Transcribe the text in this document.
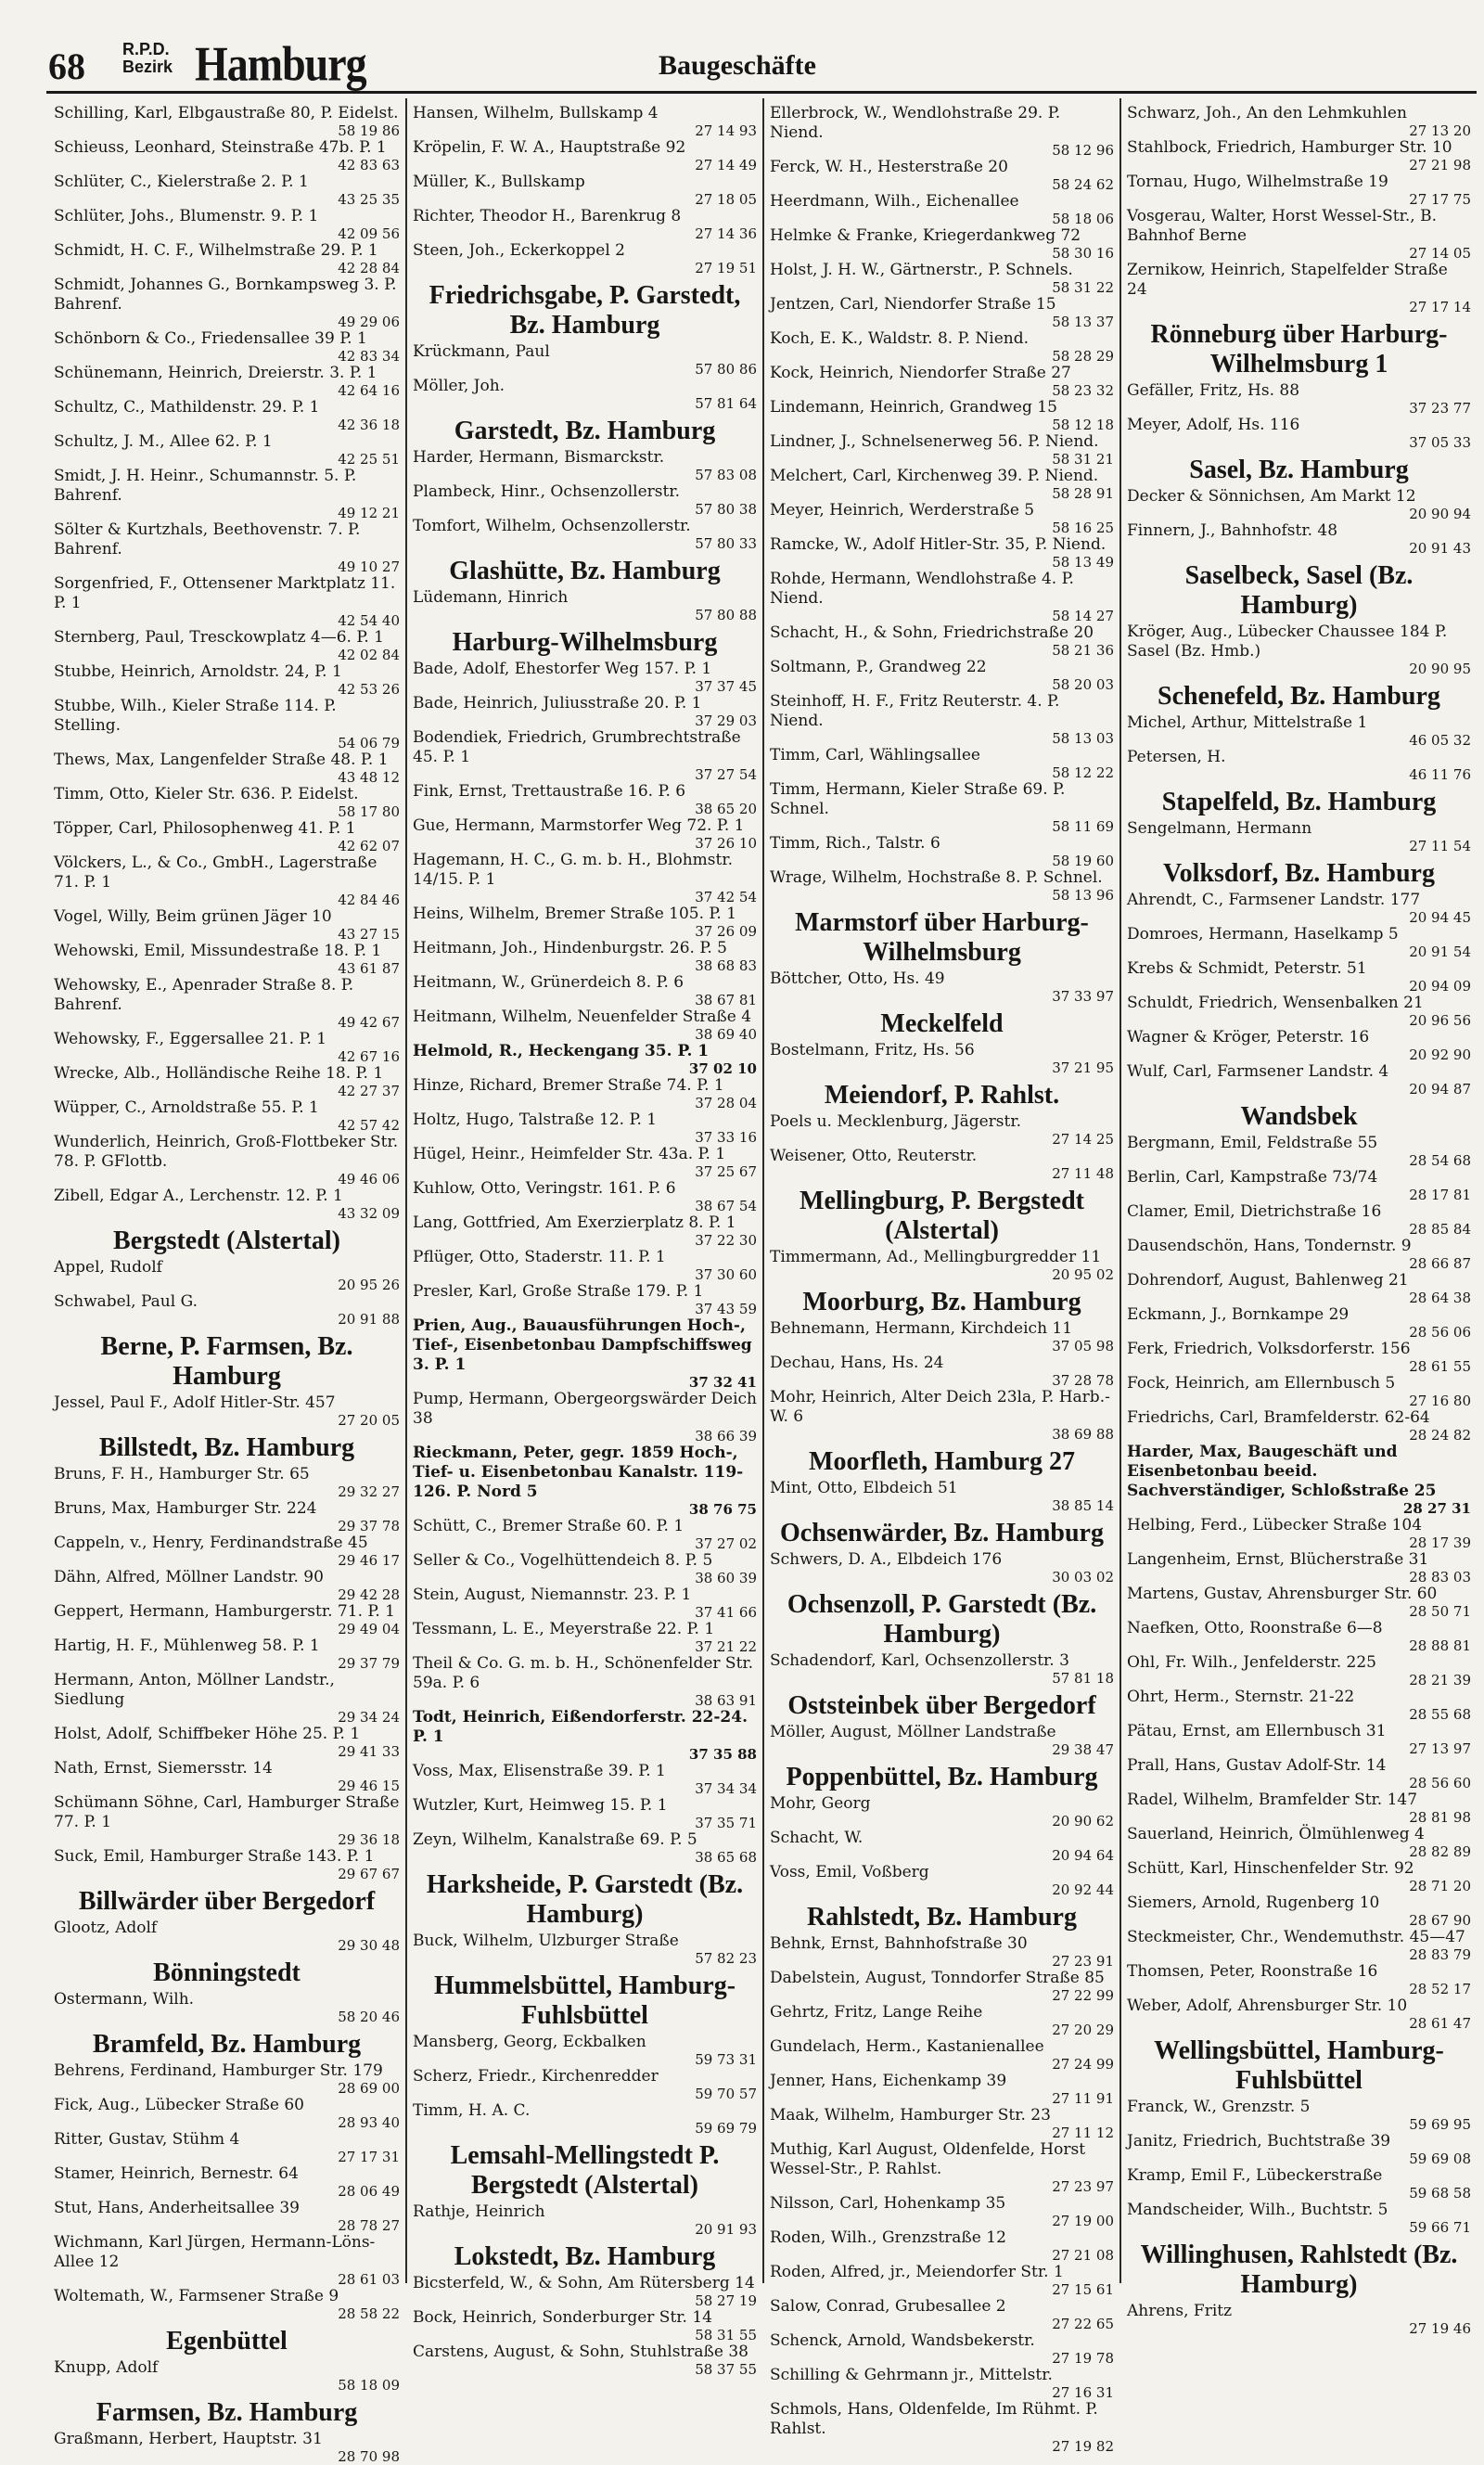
68 R.P.D.
Bezirk Hamburg	Baugeschäfte
Schilling, Karl, Elbgaustraße 80, P. Eidelst.
58 19 86
Schieuss, Leonhard, Steinstraße 47b. P. 1
42 83 63
Schlüter, C., Kielerstraße 2. P. 1
43 25 35
Schlüter, Johs., Blumenstr. 9. P. 1
42 09 56
Schmidt, H. C. F., Wilhelmstraße 29. P. 1
42 28 84
Schmidt, Johannes G., Bornkampsweg 3. P. Bahrenf.
49 29 06
Schönborn & Co., Friedensallee 39 P. 1
42 83 34
Schünemann, Heinrich, Dreierstr. 3. P. 1
42 64 16
Schultz, C., Mathildenstr. 29. P. 1
42 36 18
Schultz, J. M., Allee 62. P. 1
42 25 51
Smidt, J. H. Heinr., Schumannstr. 5. P. Bahrenf.
49 12 21
Sölter & Kurtzhals, Beethovenstr. 7. P. Bahrenf.
49 10 27
Sorgenfried, F., Ottensener Marktplatz 11. P. 1
42 54 40
Sternberg, Paul, Tresckowplatz 4—6. P. 1
42 02 84
Stubbe, Heinrich, Arnoldstr. 24, P. 1
42 53 26
Stubbe, Wilh., Kieler Straße 114. P. Stelling.
54 06 79
Thews, Max, Langenfelder Straße 48. P. 1
43 48 12
Timm, Otto, Kieler Str. 636. P. Eidelst.
58 17 80
Töpper, Carl, Philosophenweg 41. P. 1
42 62 07
Völckers, L., & Co., GmbH., Lagerstraße 71. P. 1
42 84 46
Vogel, Willy, Beim grünen Jäger 10
43 27 15
Wehowski, Emil, Missundestraße 18. P. 1
43 61 87
Wehowsky, E., Apenrader Straße 8. P. Bahrenf.
49 42 67
Wehowsky, F., Eggersallee 21. P. 1
42 67 16
Wrecke, Alb., Holländische Reihe 18. P. 1
42 27 37
Wüpper, C., Arnoldstraße 55. P. 1
42 57 42
Wunderlich, Heinrich, Groß-Flottbeker Str. 78. P. GFlottb.
49 46 06
Zibell, Edgar A., Lerchenstr. 12. P. 1
43 32 09
Bergstedt (Alstertal)
Appel, Rudolf
20 95 26
Schwabel, Paul G.
20 91 88
Berne, P. Farmsen, Bz. Hamburg
Jessel, Paul F., Adolf Hitler-Str. 457
27 20 05
Billstedt, Bz. Hamburg
Bruns, F. H., Hamburger Str. 65
29 32 27
Bruns, Max, Hamburger Str. 224
29 37 78
Cappeln, v., Henry, Ferdinandstraße 45
29 46 17
Dähn, Alfred, Möllner Landstr. 90
29 42 28
Geppert, Hermann, Hamburgerstr. 71. P. 1
29 49 04
Hartig, H. F., Mühlenweg 58. P. 1
29 37 79
Hermann, Anton, Möllner Landstr., Siedlung
29 34 24
Holst, Adolf, Schiffbeker Höhe 25. P. 1
29 41 33
Nath, Ernst, Siemersstr. 14
29 46 15
Schümann Söhne, Carl, Hamburger Straße 77. P. 1
29 36 18
Suck, Emil, Hamburger Straße 143. P. 1
29 67 67
Billwärder über Bergedorf
Glootz, Adolf
29 30 48
Bönningstedt
Ostermann, Wilh.
58 20 46
Bramfeld, Bz. Hamburg
Behrens, Ferdinand, Hamburger Str. 179
28 69 00
Fick, Aug., Lübecker Straße 60
28 93 40
Ritter, Gustav, Stühm 4
27 17 31
Stamer, Heinrich, Bernestr. 64
28 06 49
Stut, Hans, Anderheitsallee 39
28 78 27
Wichmann, Karl Jürgen, Hermann-Löns-Allee 12
28 61 03
Woltemath, W., Farmsener Straße 9
28 58 22
Egenbüttel
Knupp, Adolf
58 18 09
Farmsen, Bz. Hamburg
Graßmann, Herbert, Hauptstr. 31
28 70 98
Hansen, Wilhelm, Bullskamp 4
27 14 93
Kröpelin, F. W. A., Hauptstraße 92
27 14 49
Müller, K., Bullskamp
27 18 05
Richter, Theodor H., Barenkrug 8
27 14 36
Steen, Joh., Eckerkoppel 2
27 19 51
Friedrichsgabe, P. Garstedt, Bz. Hamburg
Krückmann, Paul
57 80 86
Möller, Joh.
57 81 64
Garstedt, Bz. Hamburg
Harder, Hermann, Bismarckstr.
57 83 08
Plambeck, Hinr., Ochsenzollerstr.
57 80 38
Tomfort, Wilhelm, Ochsenzollerstr.
57 80 33
Glashütte, Bz. Hamburg
Lüdemann, Hinrich
57 80 88
Harburg-Wilhelmsburg
Bade, Adolf, Ehestorfer Weg 157. P. 1
37 37 45
Bade, Heinrich, Juliusstraße 20. P. 1
37 29 03
Bodendiek, Friedrich, Grumbrechtstraße 45. P. 1
37 27 54
Fink, Ernst, Trettaustraße 16. P. 6
38 65 20
Gue, Hermann, Marmstorfer Weg 72. P. 1
37 26 10
Hagemann, H. C., G. m. b. H., Blohmstr. 14/15. P. 1
37 42 54
Heins, Wilhelm, Bremer Straße 105. P. 1
37 26 09
Heitmann, Joh., Hindenburgstr. 26. P. 5
38 68 83
Heitmann, W., Grünerdeich 8. P. 6
38 67 81
Heitmann, Wilhelm, Neuenfelder Straße 4
38 69 40
Helmold, R., Heckengang 35. P. 1
37 02 10
Hinze, Richard, Bremer Straße 74. P. 1
37 28 04
Holtz, Hugo, Talstraße 12. P. 1
37 33 16
Hügel, Heinr., Heimfelder Str. 43a. P. 1
37 25 67
Kuhlow, Otto, Veringstr. 161. P. 6
38 67 54
Lang, Gottfried, Am Exerzierplatz 8. P. 1
37 22 30
Pflüger, Otto, Staderstr. 11. P. 1
37 30 60
Presler, Karl, Große Straße 179. P. 1
37 43 59
Prien, Aug., Bauausführungen Hoch-, Tief-, Eisenbetonbau Dampfschiffsweg 3. P. 1
37 32 41
Pump, Hermann, Obergeorgswärder Deich 38
38 66 39
Rieckmann, Peter, gegr. 1859 Hoch-, Tief- u. Eisenbetonbau Kanalstr. 119-126. P. Nord 5
38 76 75
Schütt, C., Bremer Straße 60. P. 1
37 27 02
Seller & Co., Vogelhüttendeich 8. P. 5
38 60 39
Stein, August, Niemannstr. 23. P. 1
37 41 66
Tessmann, L. E., Meyerstraße 22. P. 1
37 21 22
Theil & Co. G. m. b. H., Schönenfelder Str. 59a. P. 6
38 63 91
Todt, Heinrich, Eißendorferstr. 22-24. P. 1
37 35 88
Voss, Max, Elisenstraße 39. P. 1
37 34 34
Wutzler, Kurt, Heimweg 15. P. 1
37 35 71
Zeyn, Wilhelm, Kanalstraße 69. P. 5
38 65 68
Harksheide, P. Garstedt (Bz. Hamburg)
Buck, Wilhelm, Ulzburger Straße
57 82 23
Hummelsbüttel, Hamburg-Fuhlsbüttel
Mansberg, Georg, Eckbalken
59 73 31
Scherz, Friedr., Kirchenredder
59 70 57
Timm, H. A. C.
59 69 79
Lemsahl-Mellingstedt P. Bergstedt (Alstertal)
Rathje, Heinrich
20 91 93
Lokstedt, Bz. Hamburg
Bicsterfeld, W., & Sohn, Am Rütersberg 14
58 27 19
Bock, Heinrich, Sonderburger Str. 14
58 31 55
Carstens, August, & Sohn, Stuhlstraße 38
58 37 55
Ellerbrock, W., Wendlohstraße 29. P. Niend.
58 12 96
Ferck, W. H., Hesterstraße 20
58 24 62
Heerdmann, Wilh., Eichenallee
58 18 06
Helmke & Franke, Kriegerdankweg 72
58 30 16
Holst, J. H. W., Gärtnerstr., P. Schnels.
58 31 22
Jentzen, Carl, Niendorfer Straße 15
58 13 37
Koch, E. K., Waldstr. 8. P. Niend.
58 28 29
Kock, Heinrich, Niendorfer Straße 27
58 23 32
Lindemann, Heinrich, Grandweg 15
58 12 18
Lindner, J., Schnelsenerweg 56. P. Niend.
58 31 21
Melchert, Carl, Kirchenweg 39. P. Niend.
58 28 91
Meyer, Heinrich, Werderstraße 5
58 16 25
Ramcke, W., Adolf Hitler-Str. 35, P. Niend.
58 13 49
Rohde, Hermann, Wendlohstraße 4. P. Niend.
58 14 27
Schacht, H., & Sohn, Friedrichstraße 20
58 21 36
Soltmann, P., Grandweg 22
58 20 03
Steinhoff, H. F., Fritz Reuterstr. 4. P. Niend.
58 13 03
Timm, Carl, Wählingsallee
58 12 22
Timm, Hermann, Kieler Straße 69. P. Schnel.
58 11 69
Timm, Rich., Talstr. 6
58 19 60
Wrage, Wilhelm, Hochstraße 8. P. Schnel.
58 13 96
Marmstorf über Harburg-Wilhelmsburg
Böttcher, Otto, Hs. 49
37 33 97
Meckelfeld
Bostelmann, Fritz, Hs. 56
37 21 95
Meiendorf, P. Rahlst.
Poels u. Mecklenburg, Jägerstr.
27 14 25
Weisener, Otto, Reuterstr.
27 11 48
Mellingburg, P. Bergstedt (Alstertal)
Timmermann, Ad., Mellingburgredder 11
20 95 02
Moorburg, Bz. Hamburg
Behnemann, Hermann, Kirchdeich 11
37 05 98
Dechau, Hans, Hs. 24
37 28 78
Mohr, Heinrich, Alter Deich 23la, P. Harb.-W. 6
38 69 88
Moorfleth, Hamburg 27
Mint, Otto, Elbdeich 51
38 85 14
Ochsenwärder, Bz. Hamburg
Schwers, D. A., Elbdeich 176
30 03 02
Ochsenzoll, P. Garstedt (Bz. Hamburg)
Schadendorf, Karl, Ochsenzollerstr. 3
57 81 18
Oststeinbek über Bergedorf
Möller, August, Möllner Landstraße
29 38 47
Poppenbüttel, Bz. Hamburg
Mohr, Georg
20 90 62
Schacht, W.
20 94 64
Voss, Emil, Voßberg
20 92 44
Rahlstedt, Bz. Hamburg
Behnk, Ernst, Bahnhofstraße 30
27 23 91
Dabelstein, August, Tonndorfer Straße 85
27 22 99
Gehrtz, Fritz, Lange Reihe
27 20 29
Gundelach, Herm., Kastanienallee
27 24 99
Jenner, Hans, Eichenkamp 39
27 11 91
Maak, Wilhelm, Hamburger Str. 23
27 11 12
Muthig, Karl August, Oldenfelde, Horst Wessel-Str., P. Rahlst.
27 23 97
Nilsson, Carl, Hohenkamp 35
27 19 00
Roden, Wilh., Grenzstraße 12
27 21 08
Roden, Alfred, jr., Meiendorfer Str. 1
27 15 61
Salow, Conrad, Grubesallee 2
27 22 65
Schenck, Arnold, Wandsbekerstr.
27 19 78
Schilling & Gehrmann jr., Mittelstr.
27 16 31
Schmols, Hans, Oldenfelde, Im Rühmt. P. Rahlst.
27 19 82
Schwarz, Joh., An den Lehmkuhlen
27 13 20
Stahlbock, Friedrich, Hamburger Str. 10
27 21 98
Tornau, Hugo, Wilhelmstraße 19
27 17 75
Vosgerau, Walter, Horst Wessel-Str., B. Bahnhof Berne
27 14 05
Zernikow, Heinrich, Stapelfelder Straße 24
27 17 14
Rönneburg über Harburg-Wilhelmsburg 1
Gefäller, Fritz, Hs. 88
37 23 77
Meyer, Adolf, Hs. 116
37 05 33
Sasel, Bz. Hamburg
Decker & Sönnichsen, Am Markt 12
20 90 94
Finnern, J., Bahnhofstr. 48
20 91 43
Saselbeck, Sasel (Bz. Hamburg)
Kröger, Aug., Lübecker Chaussee 184 P. Sasel (Bz. Hmb.)
20 90 95
Schenefeld, Bz. Hamburg
Michel, Arthur, Mittelstraße 1
46 05 32
Petersen, H.
46 11 76
Stapelfeld, Bz. Hamburg
Sengelmann, Hermann
27 11 54
Volksdorf, Bz. Hamburg
Ahrendt, C., Farmsener Landstr. 177
20 94 45
Domroes, Hermann, Haselkamp 5
20 91 54
Krebs & Schmidt, Peterstr. 51
20 94 09
Schuldt, Friedrich, Wensenbalken 21
20 96 56
Wagner & Kröger, Peterstr. 16
20 92 90
Wulf, Carl, Farmsener Landstr. 4
20 94 87
Wandsbek
Bergmann, Emil, Feldstraße 55
28 54 68
Berlin, Carl, Kampstraße 73/74
28 17 81
Clamer, Emil, Dietrichstraße 16
28 85 84
Dausendschön, Hans, Tondernstr. 9
28 66 87
Dohrendorf, August, Bahlenweg 21
28 64 38
Eckmann, J., Bornkampe 29
28 56 06
Ferk, Friedrich, Volksdorferstr. 156
28 61 55
Fock, Heinrich, am Ellernbusch 5
27 16 80
Friedrichs, Carl, Bramfelderstr. 62-64
28 24 82
Harder, Max, Baugeschäft und Eisenbetonbau beeid. Sachverständiger, Schloßstraße 25
28 27 31
Helbing, Ferd., Lübecker Straße 104
28 17 39
Langenheim, Ernst, Blücherstraße 31
28 83 03
Martens, Gustav, Ahrensburger Str. 60
28 50 71
Naefken, Otto, Roonstraße 6—8
28 88 81
Ohl, Fr. Wilh., Jenfelderstr. 225
28 21 39
Ohrt, Herm., Sternstr. 21-22
28 55 68
Pätau, Ernst, am Ellernbusch 31
27 13 97
Prall, Hans, Gustav Adolf-Str. 14
28 56 60
Radel, Wilhelm, Bramfelder Str. 147
28 81 98
Sauerland, Heinrich, Ölmühlenweg 4
28 82 89
Schütt, Karl, Hinschenfelder Str. 92
28 71 20
Siemers, Arnold, Rugenberg 10
28 67 90
Steckmeister, Chr., Wendemuthstr. 45—47
28 83 79
Thomsen, Peter, Roonstraße 16
28 52 17
Weber, Adolf, Ahrensburger Str. 10
28 61 47
Wellingsbüttel, Hamburg-Fuhlsbüttel
Franck, W., Grenzstr. 5
59 69 95
Janitz, Friedrich, Buchtstraße 39
59 69 08
Kramp, Emil F., Lübeckerstraße
59 68 58
Mandscheider, Wilh., Buchtstr. 5
59 66 71
Willinghusen, Rahlstedt (Bz. Hamburg)
Ahrens, Fritz
27 19 46
